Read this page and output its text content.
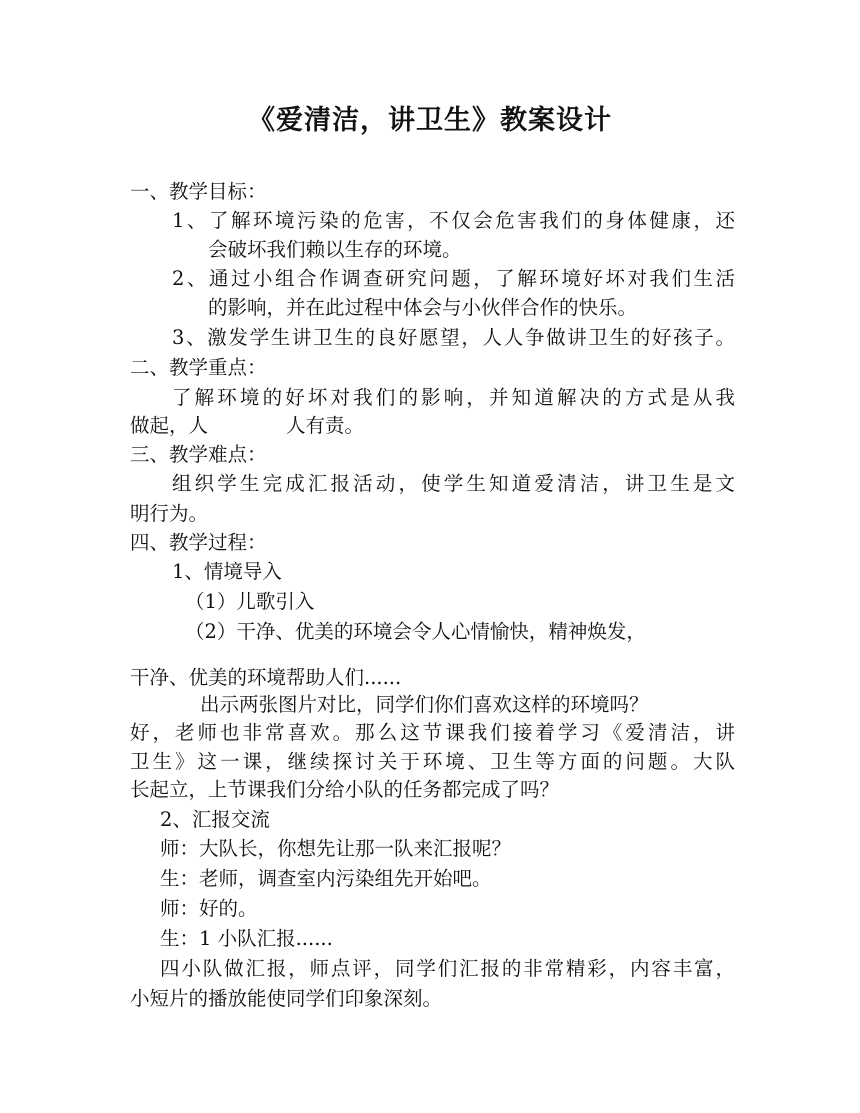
《爱清洁，讲卫生》教案设计
一、教学目标：
1、了解环境污染的危害，不仅会危害我们的身体健康，还
会破坏我们赖以生存的环境。
2、通过小组合作调查研究问题，了解环境好坏对我们生活
的影响，并在此过程中体会与小伙伴合作的快乐。
3、激发学生讲卫生的良好愿望，人人争做讲卫生的好孩子。
二、教学重点：
了解环境的好坏对我们的影响，并知道解决的方式是从我
做起，人　　　　人有责。
三、教学难点：
组织学生完成汇报活动，使学生知道爱清洁，讲卫生是文
明行为。
四、教学过程：
1、情境导入
（1）儿歌引入
（2）干净、优美的环境会令人心情愉快，精神焕发，
干净、优美的环境帮助人们......
出示两张图片对比，同学们你们喜欢这样的环境吗？
好，老师也非常喜欢。那么这节课我们接着学习《爱清洁，讲
卫生》这一课，继续探讨关于环境、卫生等方面的问题。大队
长起立，上节课我们分给小队的任务都完成了吗？
2、汇报交流
师：大队长，你想先让那一队来汇报呢？
生：老师，调查室内污染组先开始吧。
师：好的。
生：1 小队汇报......
四小队做汇报，师点评，同学们汇报的非常精彩，内容丰富，
小短片的播放能使同学们印象深刻。
